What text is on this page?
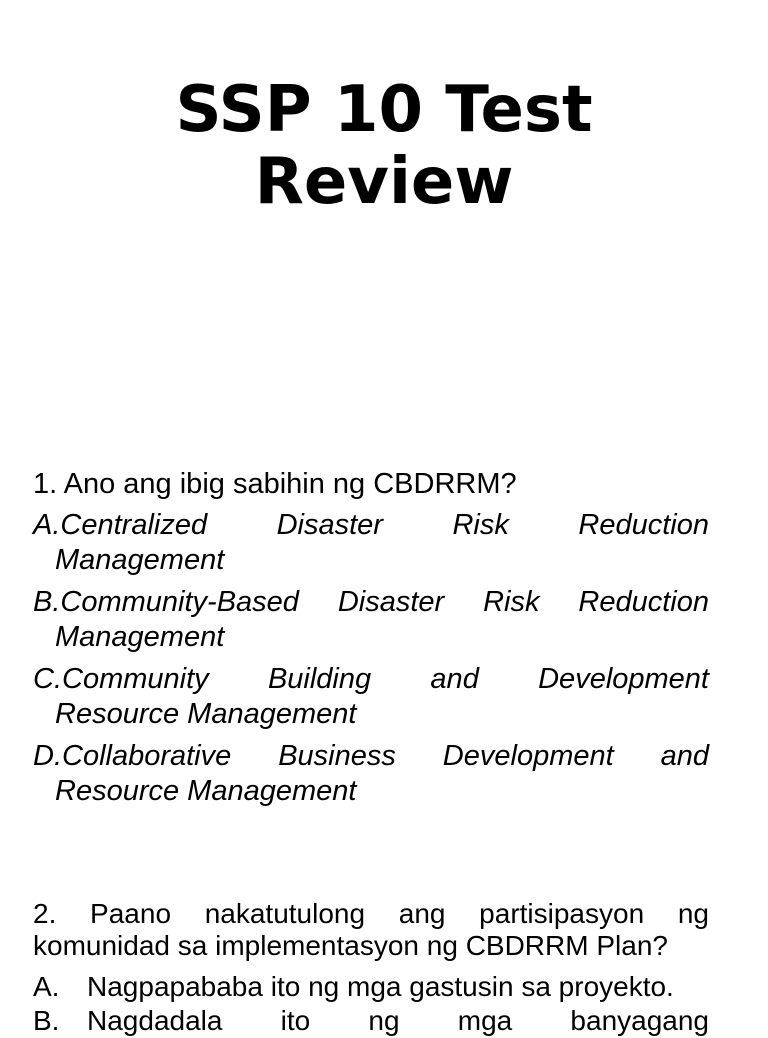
SSP 10 Test
Review

1. Ano ang ibig sabihin ng CBDRRM?

A.Centralized Disaster Risk Reduction
Management

B.Community-Based Disaster Risk Reduction
Management

C.Community Building and Development
Resource Management

D.Collaborative Business Development and
Resource Management

2. Paano nakatutulong ang partisipasyon ng
komunidad sa implementasyon ng CBDRRM Plan?

A. Nagpapababa ito ng mga gastusin sa proyekto.

B. Nagdadala ito ng mga banyagang
